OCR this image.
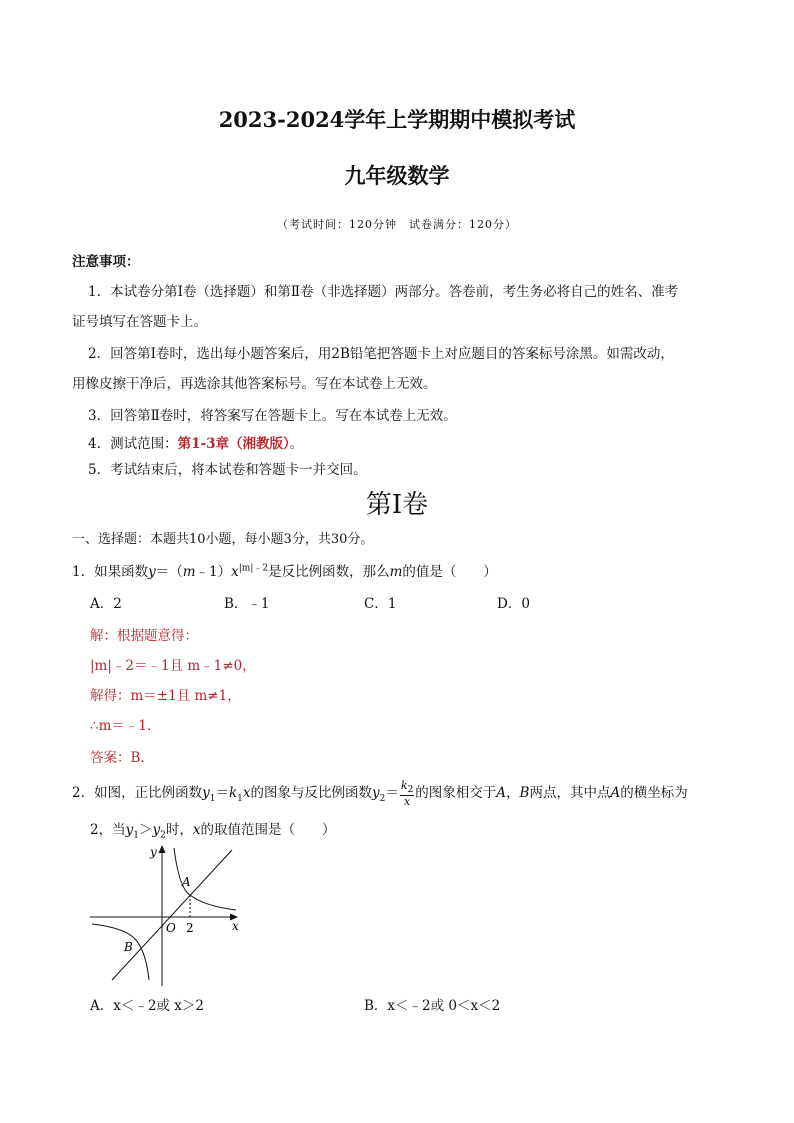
2023-2024学年上学期期中模拟考试
九年级数学
（考试时间：120分钟　试卷满分：120分）
注意事项：
1．本试卷分第Ⅰ卷（选择题）和第Ⅱ卷（非选择题）两部分。答卷前，考生务必将自己的姓名、准考
证号填写在答题卡上。
2．回答第Ⅰ卷时，选出每小题答案后，用2B铅笔把答题卡上对应题目的答案标号涂黑。如需改动，
用橡皮擦干净后，再选涂其他答案标号。写在本试卷上无效。
3．回答第Ⅱ卷时，将答案写在答题卡上。写在本试卷上无效。
4．测试范围：第1-3章（湘教版）。
5．考试结束后，将本试卷和答题卡一并交回。
第Ⅰ卷
一、选择题：本题共10小题，每小题3分，共30分。
1．如果函数$y=(m﹣1)x^{|m|﹣2}$是反比例函数，那么m的值是（　　）
A．2	B．﹣1	C．1	D．0
解：根据题意得：
|m|﹣2＝﹣1且 m﹣1≠0，
解得：m＝±1且 m≠1，
∴m＝﹣1．
答案：B．
2．如图，正比例函数$y_1=k_1x$的图象与反比例函数$y_2= \frac{k_2}{x}$ 的图象相交于A，B两点，其中点A的横坐标为
2，当$y_1>y_2$时，x的取值范围是（　　）
y
x
O 2
A
B
A．x＜﹣2或 x＞2	B．x＜﹣2或 0＜x＜2
